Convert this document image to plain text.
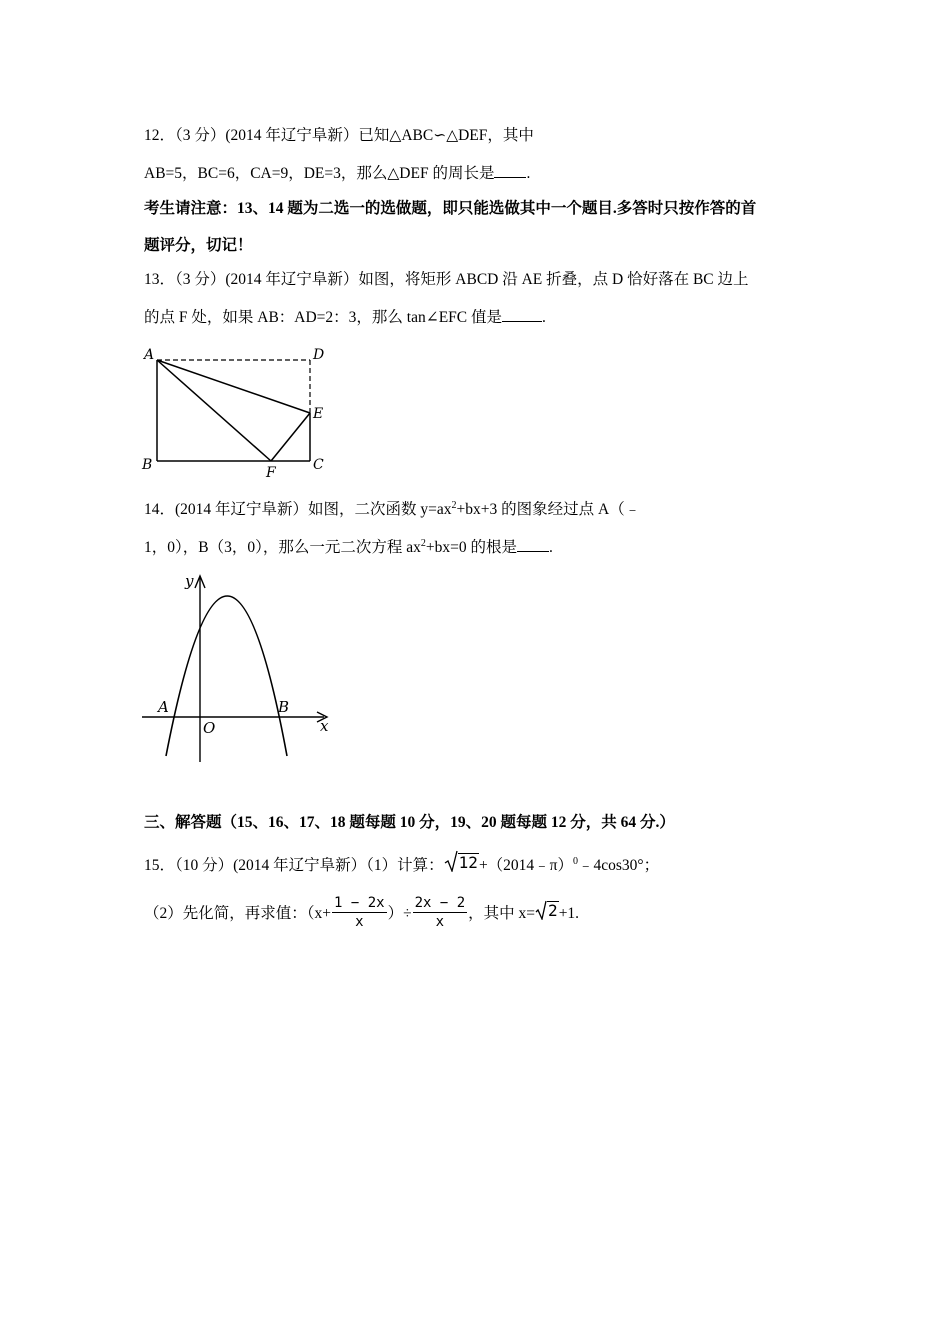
12．（3 分）(2014 年辽宁阜新）已知△ABC∽△DEF，其中
AB=5，BC=6，CA=9，DE=3，那么△DEF 的周长是 .
考生请注意：13、14 题为二选一的选做题，即只能选做其中一个题目.多答时只按作答的首
题评分，切记！
13．（3 分）(2014 年辽宁阜新）如图，将矩形 ABCD 沿 AE 折叠，点 D 恰好落在 BC 边上
的点 F 处，如果 AB：AD=2：3，那么 tan∠EFC 值是	.
A	D
E
B	C
F
14．(2014 年辽宁阜新）如图，二次函数 $y=ax^2+bx+3$ 的图象经过点 A（﹣
1，0），B（3，0），那么一元二次方程 $ax^2+bx=0$ 的根是 .
y
x
O
A	B
三、解答题（15、16、17、18 题每题 10 分，19、20 题每题 12 分，共 64 分.）
15．（10 分）(2014 年辽宁阜新）（1）计算： 12 +（2014﹣π）$^0$﹣4cos30°；
（2）先化简，再求值：（$x+ \frac{1 - 2x}{x}$ ）÷ $\frac{2x - 2}{x}$ ，其中 x= 2 +1.
